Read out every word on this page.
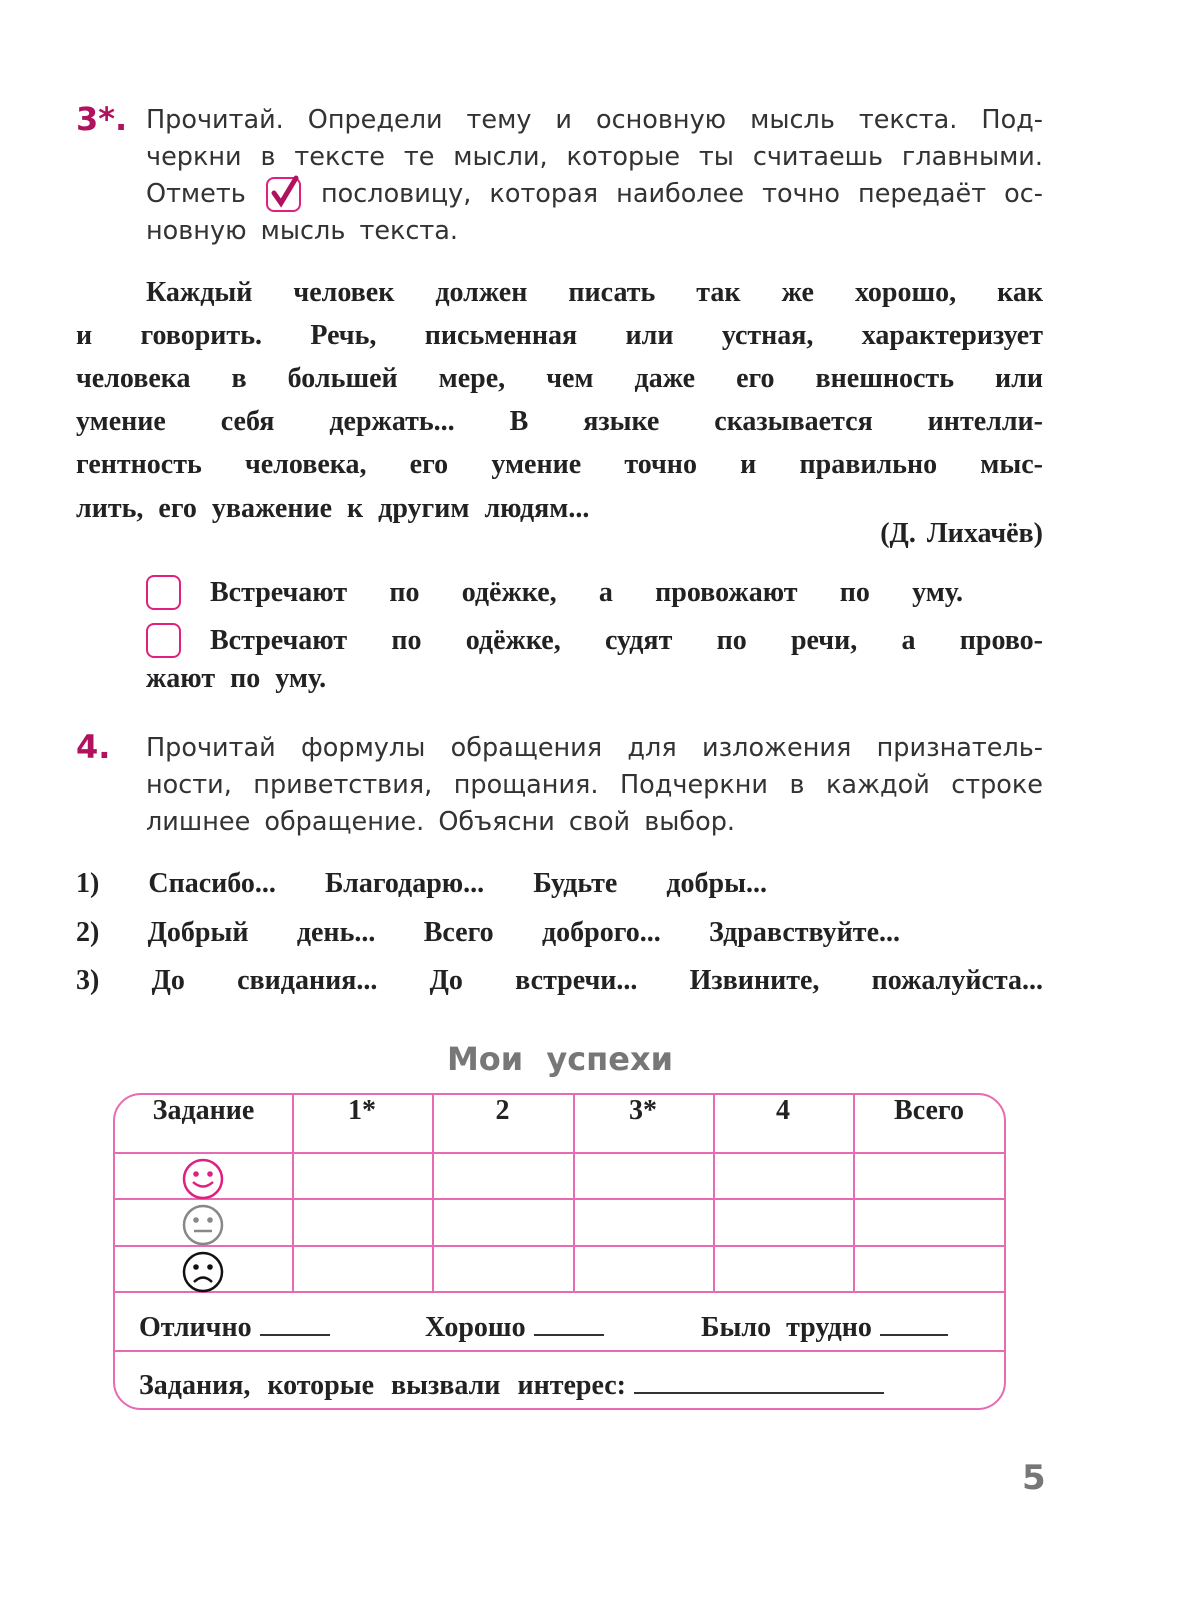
3*. Прочитай. Определи тему и основную мысль текста. Под-
черкни в тексте те мысли, которые ты считаешь главными.
Отметь	пословицу, которая наиболее точно передаёт ос-
новную мысль текста.
Каждый человек должен писать так же хорошо, как
и говорить. Речь, письменная или устная, характеризует
человека в большей мере, чем даже его внешность или
умение себя держать... В языке сказывается интелли-
гентность человека, его умение точно и правильно мыс-
лить, его уважение к другим людям...
(Д. Лихачёв)
Встречают по одёжке, а провожают по уму.
Встречают по одёжке, судят по речи, а прово-
жают по уму.
4. Прочитай формулы обращения для изложения признатель-
ности, приветствия, прощания. Подчеркни в каждой строке
лишнее обращение. Объясни свой выбор.
1) Спасибо... Благодарю... Будьте добры...
2) Добрый день... Всего доброго... Здравствуйте...
3) До свидания... До встречи... Извините, пожалуйста...
Мои успехи
Задание	1*	2	3*	4	Всего
Отлично	Хорошо	Было трудно
Задания, которые вызвали интерес:
5
